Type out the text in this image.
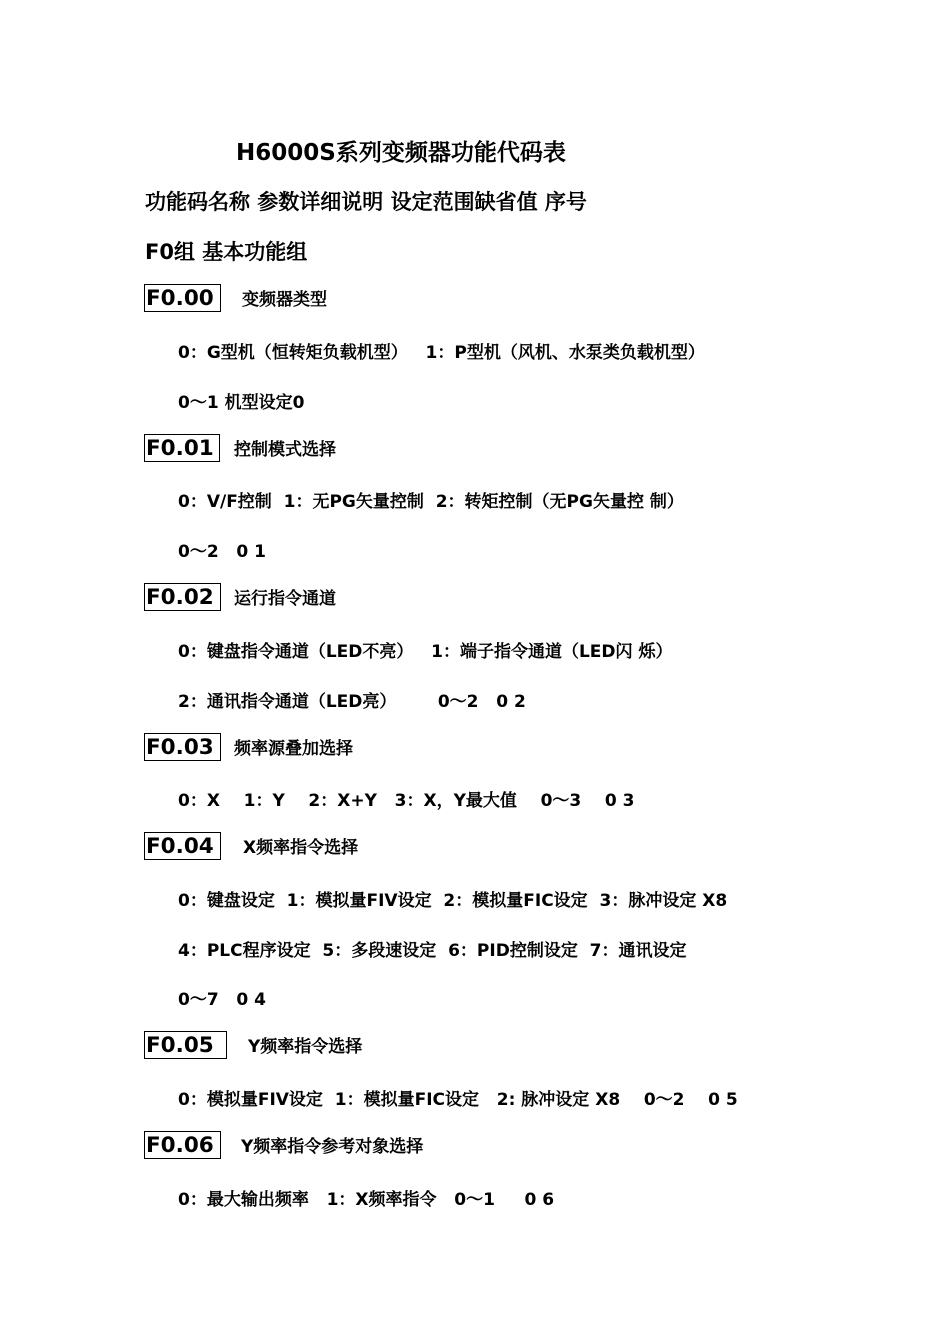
H6000S系列变频器功能代码表
功能码名称 参数详细说明 设定范围缺省值 序号
F0组 基本功能组
F0.00	变频器类型
0：G型机（恒转矩负载机型）   1：P型机（风机、水泵类负载机型）
0～1 机型设定0
F0.01	控制模式选择
0：V/F控制  1：无PG矢量控制  2：转矩控制（无PG矢量控 制）
0～2   0 1
F0.02	运行指令通道
0：键盘指令通道（LED不亮）   1：端子指令通道（LED闪 烁）
2：通讯指令通道（LED亮）       0～2   0 2
F0.03	频率源叠加选择
0：X    1：Y    2：X+Y   3：X，Y最大值    0～3    0 3
F0.04	X频率指令选择
0：键盘设定  1：模拟量FIV设定  2：模拟量FIC设定  3：脉冲设定 X8
4：PLC程序设定  5：多段速设定  6：PID控制设定  7：通讯设定
0～7   0 4
F0.05	Y频率指令选择
0：模拟量FIV设定  1：模拟量FIC设定   2: 脉冲设定 X8    0～2    0 5
F0.06	Y频率指令参考对象选择
0：最大输出频率   1：X频率指令   0～1     0 6
